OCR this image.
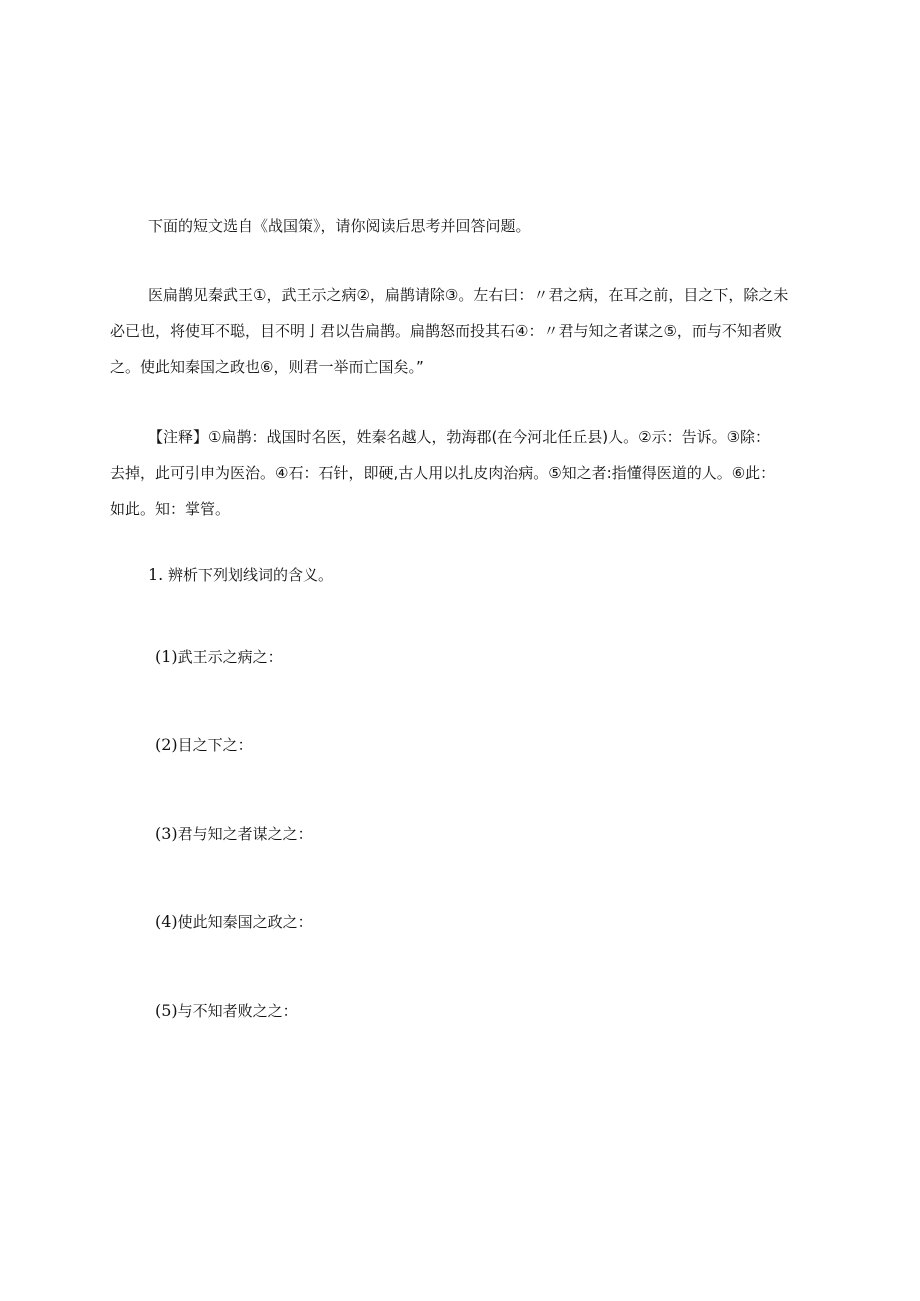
下面的短文选自《战国策》，请你阅读后思考并回答问题。
医扁鹊见秦武王①，武王示之病②，扁鹊请除③。左右曰：〃君之病，在耳之前，目之下，除之未
必已也，将使耳不聪，目不明亅君以告扁鹊。扁鹊怒而投其石④：〃君与知之者谋之⑤，而与不知者败
之。使此知秦国之政也⑥，则君一举而亡国矣。”
【注释】①扁鹊：战国时名医，姓秦名越人，勃海郡(在今河北任丘县)人。②示：告诉。③除：
去掉，此可引申为医治。④石：石针，即硬,古人用以扎皮肉治病。⑤知之者:指懂得医道的人。⑥此：
如此。知：掌管。
1. 辨析下列划线词的含义。
(1)武王示之病之：
(2)目之下之：
(3)君与知之者谋之之：
(4)使此知秦国之政之：
(5)与不知者败之之：
